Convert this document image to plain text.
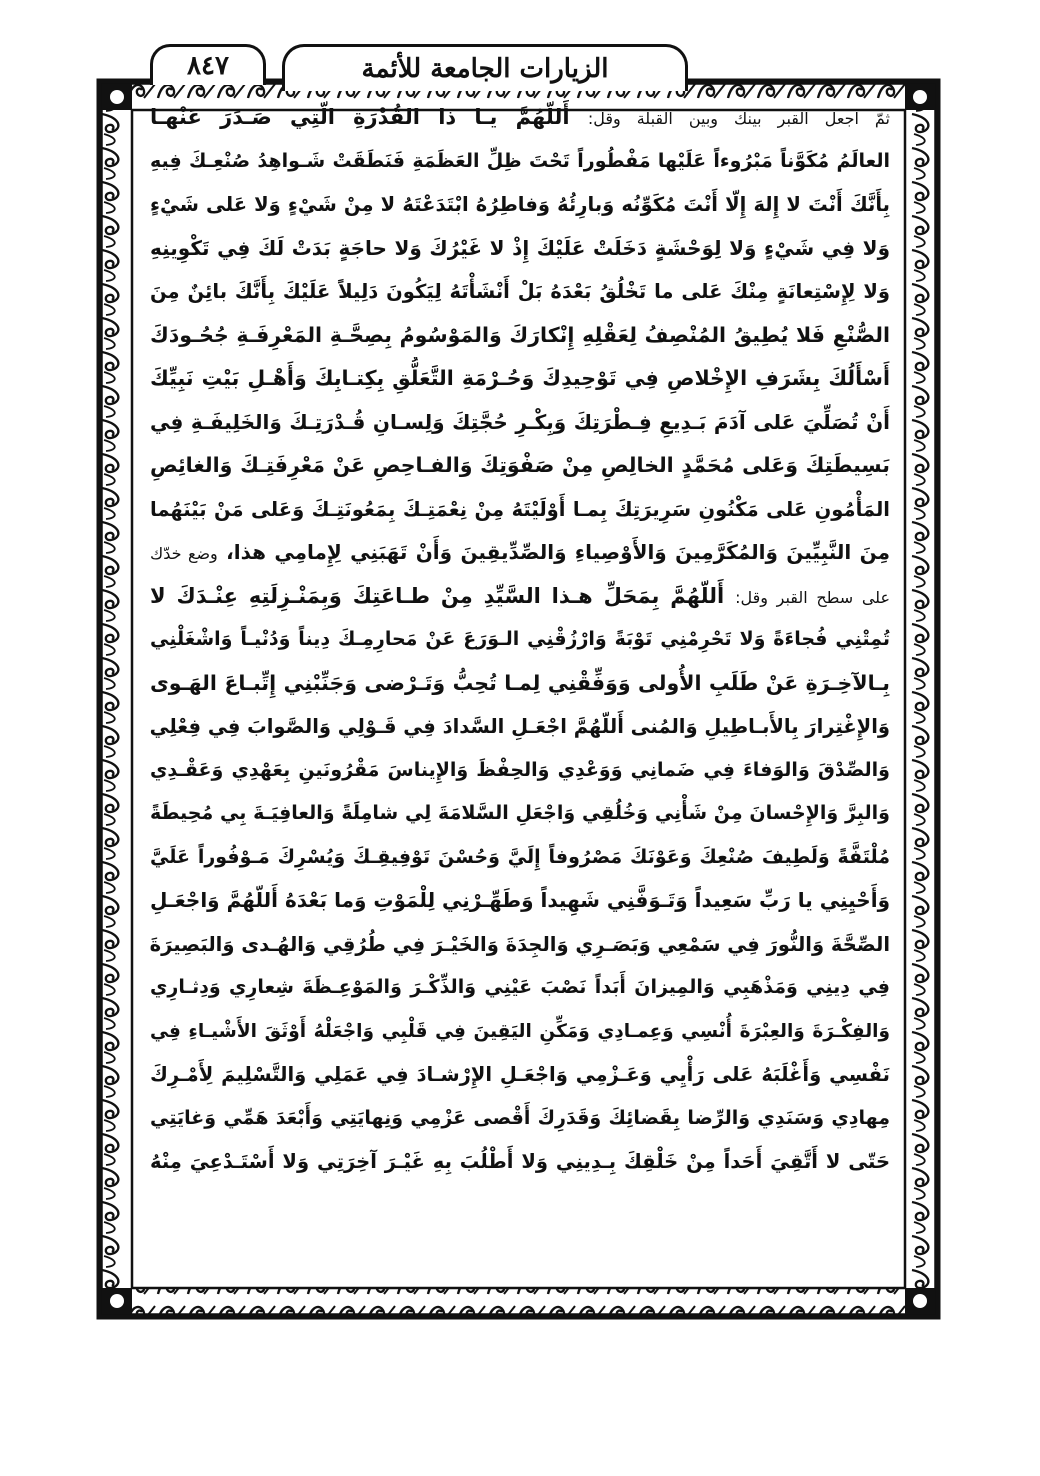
٨٤٧	الزيارات الجامعة للأئمة
ثمّ اجعل القبر بينك وبين القبلة وقل: أَللّهُمَّ يـا ذا القُدْرَةِ الّتِي صَـدَرَ عَنْهـا
العالَمُ مُكَوَّناً مَبْرُوءاً عَلَيْها مَفْطُوراً تَحْتَ ظِلِّ العَظَمَةِ فَنَطَقَتْ شَـواهِدُ صُنْعِـكَ فِيهِ
بِأَنَّكَ أَنْتَ لا إِلهَ إِلّا أَنْتَ مُكَوِّنُه وَبارِئُهُ وَفاطِرُهُ ابْتَدَعْتَهُ لا مِنْ شَيْءٍ وَلا عَلى شَيْءٍ
وَلا فِي شَيْءٍ وَلا لِوَحْشَةٍ دَخَلَتْ عَلَيْكَ إِذْ لا غَيْرُكَ وَلا حاجَةٍ بَدَتْ لَكَ فِي تَكْوِينِهِ
وَلا لِإِسْتِعانَةٍ مِنْكَ عَلى ما تَخْلُقُ بَعْدَهُ بَلْ أَنْشَأْتَهُ لِيَكُونَ دَلِيلاً عَلَيْكَ بِأَنَّكَ بائِنٌ مِنَ
الصُّنْعِ فَلا يُطِيقُ المُنْصِفُ لِعَقْلِهِ إِنْكارَكَ وَالمَوْسُومُ بِصِحَّـةِ المَعْرِفَـةِ جُحُـودَكَ
أَسْأَلُكَ بِشَرَفِ الإِخْلاصِ فِي تَوْحِيدِكَ وَحُـرْمَةِ التَّعَلُّقِ بِكِتـابِكَ وَأَهْـلِ بَيْتِ نَبِيِّكَ
أَنْ تُصَلِّيَ عَلى آدَمَ بَـدِيعِ فِـطْرَتِكَ وَبِكْـرِ حُجَّتِكَ وَلِسـانِ قُـدْرَتِـكَ وَالخَلِيفَـةِ فِي
بَسِيطَتِكَ وَعَلى مُحَمَّدٍ الخالِصِ مِنْ صَفْوَتِكَ وَالفـاحِصِ عَنْ مَعْرِفَتِـكَ وَالغائِصِ
المَأْمُونِ عَلى مَكْنُونِ سَرِيرَتِكَ بِمـا أَوْلَيْتَهُ مِنْ نِعْمَتِـكَ بِمَعُونَتِـكَ وَعَلى مَنْ بَيْنَهُما
مِنَ النَّبِيِّينَ وَالمُكَرَّمِينَ وَالأَوْصِياءِ وَالصِّدِّيقِينَ وَأَنْ تَهَبَنِي لِإِمامِي هذا، وضع خدّك
على سطح القبر وقل: أَللّهُمَّ بِمَحَلِّ هـذا السَّيِّدِ مِنْ طـاعَتِكَ وَبِمَنْـزِلَتِهِ عِنْـدَكَ لا
تُمِتْنِي فُجاءَةً وَلا تَحْرِمْنِي تَوْبَةً وَارْزُقْنِي الـوَرَعَ عَنْ مَحارِمِـكَ دِيناً وَدُنْيـاً وَاشْغَلْنِي
بِـالآخِـرَةِ عَنْ طَلَبِ الأُولى وَوَفِّقْنِي لِمـا تُحِبُّ وَتَـرْضى وَجَنِّبْنِي إِتِّبـاعَ الهَـوى
وَالإِغْتِرارَ بِالأَبـاطِيلِ وَالمُنى أَللّهُمَّ اجْعَـلِ السَّدادَ فِي قَـوْلِي وَالصَّوابَ فِي فِعْلِي
وَالصِّدْقَ وَالوَفاءَ فِي ضَمانِي وَوَعْدِي وَالحِفْظَ وَالإِيناسَ مَقْرُونَينِ بِعَهْدِي وَعَقْـدِي
وَالبِرَّ وَالإِحْسانَ مِنْ شَأْنِي وَخُلُقِي وَاجْعَلِ السَّلامَةَ لِي شامِلَةً وَالعافِيَـةَ بِي مُحِيطَةً
مُلْتَفَّةً وَلَطِيفَ صُنْعِكَ وَعَوْنَكَ مَصْرُوفاً إِلَيَّ وَحُسْنَ تَوْفِيقِـكَ وَيُسْرِكَ مَـوْفُوراً عَلَيَّ
وَأَحْيِنِي يا رَبِّ سَعِيداً وَتَـوَفَّنِي شَهِيداً وَطَهِّـرْنِي لِلْمَوْتِ وَما بَعْدَهُ أَللّهُمَّ وَاجْعَـلِ
الصِّحَّةَ وَالنُّورَ فِي سَمْعِي وَبَصَـرِي وَالجِدَةَ وَالخَيْـرَ فِي طُرُقِي وَالهُـدى وَالبَصِيرَةَ
فِي دِينِي وَمَذْهَبِي وَالمِيزانَ أَبَداً نَصْبَ عَيْنِي وَالذِّكْـرَ وَالمَوْعِـظَةَ شِعارِي وَدِثـارِي
وَالفِكْـرَةَ وَالعِبْرَةَ أُنْسِي وَعِمـادِي وَمَكِّنِ اليَقِينَ فِي قَلْبِي وَاجْعَلْهُ أَوْثَقَ الأَشْيـاءِ فِي
نَفْسِي وَأَغْلَبَهُ عَلى رَأْيِي وَعَـزْمِي وَاجْعَـلِ الإِرْشـادَ فِي عَمَلِي وَالتَّسْلِيمَ لِأَمْـرِكَ
مِهادِي وَسَنَدِي وَالرِّضا بِقَضائِكَ وَقَدَرِكَ أَقْصى عَزْمِي وَنِهايَتِي وَأَبْعَدَ هَمِّي وَغايَتِي
حَتّى لا أَتَّقِيَ أَحَداً مِنْ خَلْقِكَ بِـدِينِي وَلا أَطْلُبَ بِهِ غَيْـرَ آخِرَتِي وَلا أَسْتَـدْعِيَ مِنْهُ
